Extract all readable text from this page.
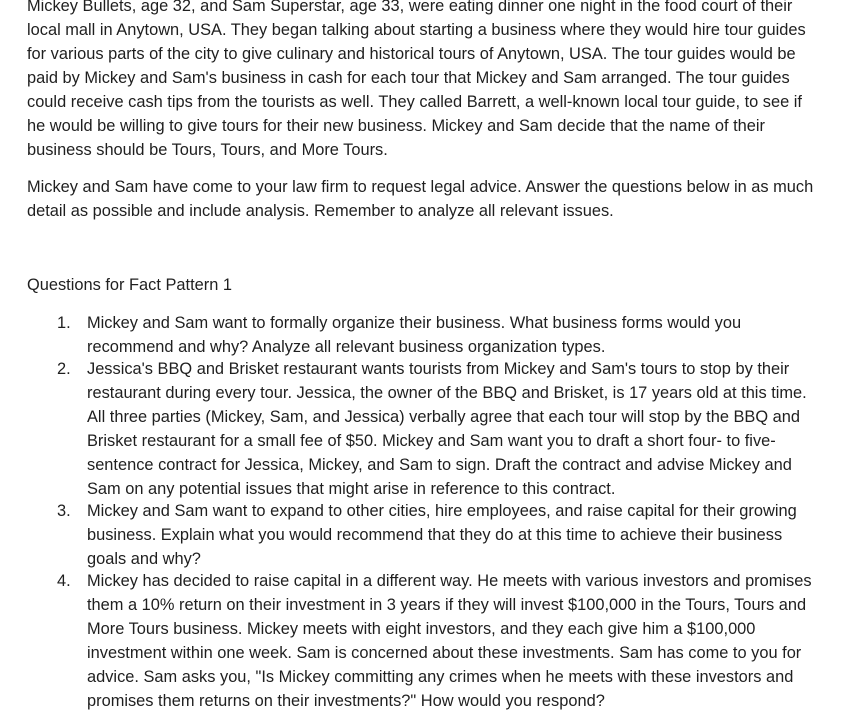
Mickey Bullets, age 32, and Sam Superstar, age 33, were eating dinner one night in the food court of their local mall in Anytown, USA. They began talking about starting a business where they would hire tour guides for various parts of the city to give culinary and historical tours of Anytown, USA. The tour guides would be paid by Mickey and Sam's business in cash for each tour that Mickey and Sam arranged. The tour guides could receive cash tips from the tourists as well. They called Barrett, a well-known local tour guide, to see if he would be willing to give tours for their new business. Mickey and Sam decide that the name of their business should be Tours, Tours, and More Tours.

Mickey and Sam have come to your law firm to request legal advice. Answer the questions below in as much detail as possible and include analysis. Remember to analyze all relevant issues.

Questions for Fact Pattern 1

1. Mickey and Sam want to formally organize their business. What business forms would you recommend and why? Analyze all relevant business organization types.
2. Jessica's BBQ and Brisket restaurant wants tourists from Mickey and Sam's tours to stop by their restaurant during every tour. Jessica, the owner of the BBQ and Brisket, is 17 years old at this time. All three parties (Mickey, Sam, and Jessica) verbally agree that each tour will stop by the BBQ and Brisket restaurant for a small fee of $50. Mickey and Sam want you to draft a short four- to five-sentence contract for Jessica, Mickey, and Sam to sign. Draft the contract and advise Mickey and Sam on any potential issues that might arise in reference to this contract.
3. Mickey and Sam want to expand to other cities, hire employees, and raise capital for their growing business. Explain what you would recommend that they do at this time to achieve their business goals and why?
4. Mickey has decided to raise capital in a different way. He meets with various investors and promises them a 10% return on their investment in 3 years if they will invest $100,000 in the Tours, Tours and More Tours business. Mickey meets with eight investors, and they each give him a $100,000 investment within one week. Sam is concerned about these investments. Sam has come to you for advice. Sam asks you, "Is Mickey committing any crimes when he meets with these investors and promises them returns on their investments?" How would you respond?
